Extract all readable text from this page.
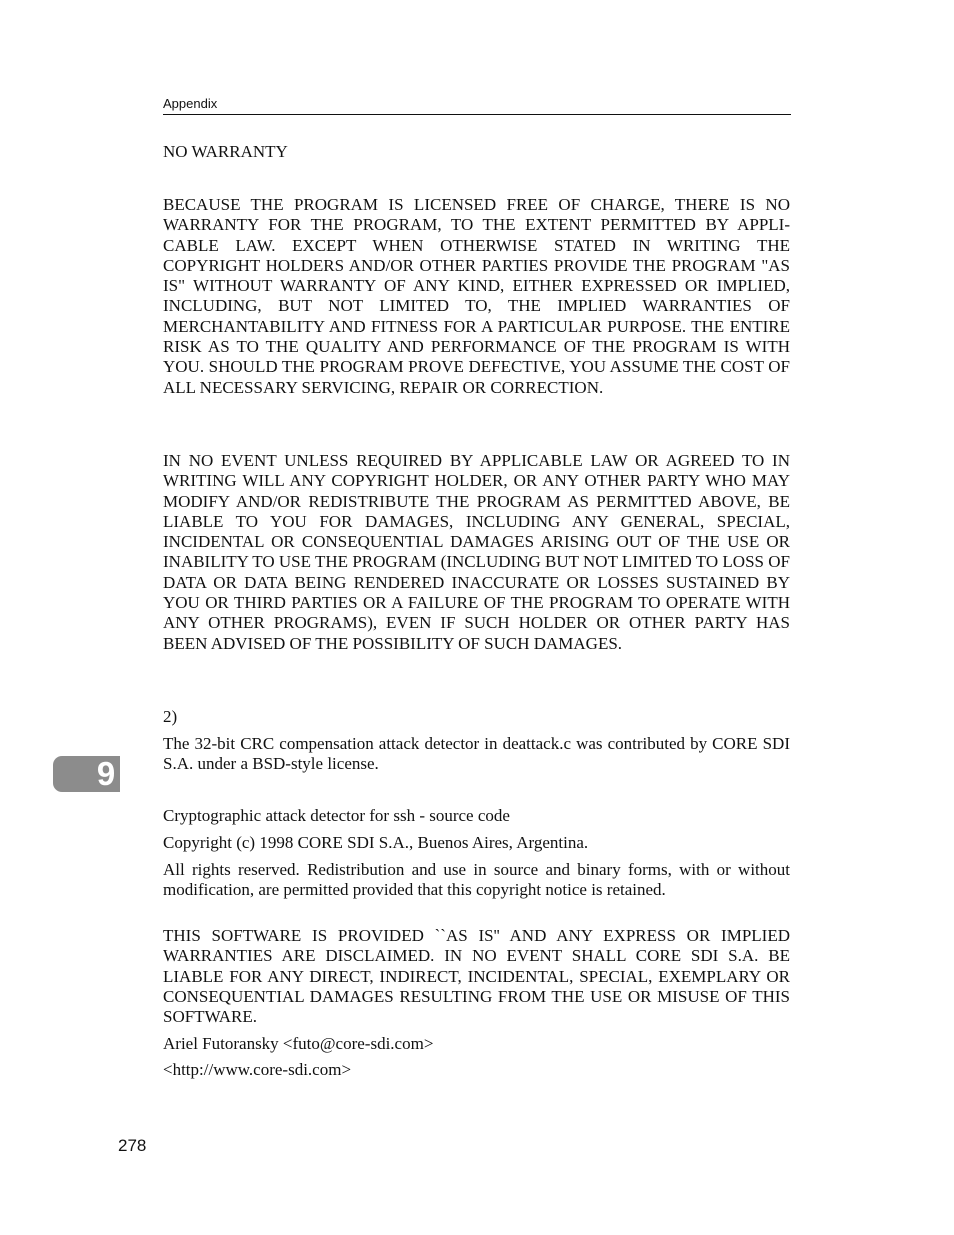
Appendix

NO WARRANTY

BECAUSE THE PROGRAM IS LICENSED FREE OF CHARGE, THERE IS NO WARRANTY FOR THE PROGRAM, TO THE EXTENT PERMITTED BY APPLICABLE LAW. EXCEPT WHEN OTHERWISE STATED IN WRITING THE COPYRIGHT HOLDERS AND/OR OTHER PARTIES PROVIDE THE PROGRAM "AS IS" WITHOUT WARRANTY OF ANY KIND, EITHER EXPRESSED OR IMPLIED, INCLUDING, BUT NOT LIMITED TO, THE IMPLIED WARRANTIES OF MERCHANTABILITY AND FITNESS FOR A PARTICULAR PURPOSE. THE ENTIRE RISK AS TO THE QUALITY AND PERFORMANCE OF THE PROGRAM IS WITH YOU. SHOULD THE PROGRAM PROVE DEFECTIVE, YOU ASSUME THE COST OF ALL NECESSARY SERVICING, REPAIR OR CORRECTION.

IN NO EVENT UNLESS REQUIRED BY APPLICABLE LAW OR AGREED TO IN WRITING WILL ANY COPYRIGHT HOLDER, OR ANY OTHER PARTY WHO MAY MODIFY AND/OR REDISTRIBUTE THE PROGRAM AS PERMITTED ABOVE, BE LIABLE TO YOU FOR DAMAGES, INCLUDING ANY GENERAL, SPECIAL, INCIDENTAL OR CONSEQUENTIAL DAMAGES ARISING OUT OF THE USE OR INABILITY TO USE THE PROGRAM (INCLUDING BUT NOT LIMITED TO LOSS OF DATA OR DATA BEING RENDERED INACCURATE OR LOSSES SUSTAINED BY YOU OR THIRD PARTIES OR A FAILURE OF THE PROGRAM TO OPERATE WITH ANY OTHER PROGRAMS), EVEN IF SUCH HOLDER OR OTHER PARTY HAS BEEN ADVISED OF THE POSSIBILITY OF SUCH DAMAGES.

2)

The 32-bit CRC compensation attack detector in deattack.c was contributed by CORE SDI S.A. under a BSD-style license.

Cryptographic attack detector for ssh - source code

Copyright (c) 1998 CORE SDI S.A., Buenos Aires, Argentina.

All rights reserved. Redistribution and use in source and binary forms, with or without modification, are permitted provided that this copyright notice is retained.

THIS SOFTWARE IS PROVIDED ``AS IS'' AND ANY EXPRESS OR IMPLIED WARRANTIES ARE DISCLAIMED. IN NO EVENT SHALL CORE SDI S.A. BE LIABLE FOR ANY DIRECT, INDIRECT, INCIDENTAL, SPECIAL, EXEMPLARY OR CONSEQUENTIAL DAMAGES RESULTING FROM THE USE OR MISUSE OF THIS SOFTWARE.

Ariel Futoransky <futo@core-sdi.com>

<http://www.core-sdi.com>

9
278
